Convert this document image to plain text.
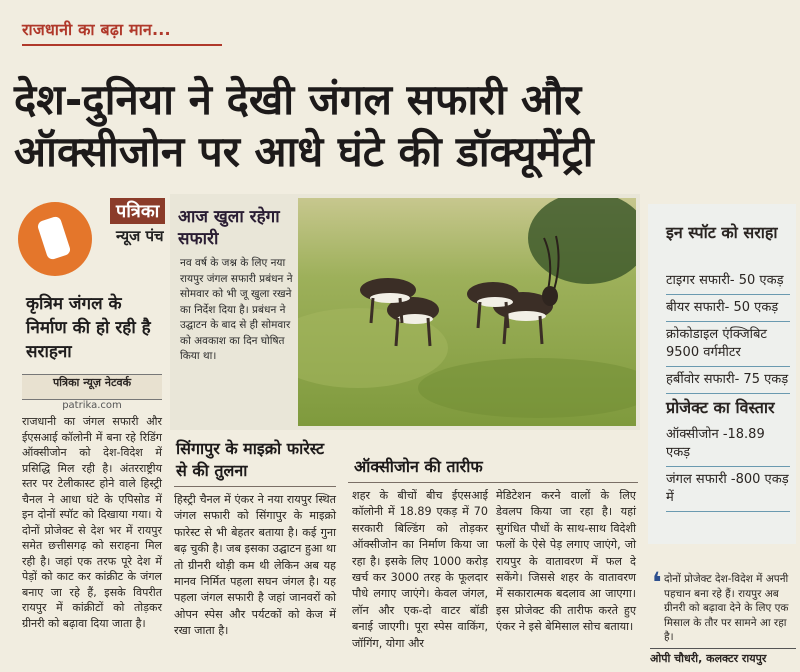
राजधानी का बढ़ा मान...
देश-दुनिया ने देखी जंगल सफारी और
ऑक्सीजोन पर आधे घंटे की डॉक्यूमेंट्री
पत्रिका
न्यूज पंच
कृत्रिम जंगल के निर्माण की हो रही है सराहना
पत्रिका न्यूज़ नेटवर्क
patrika.com
राजधानी का जंगल सफारी और ईएसआई कॉलोनी में बना रहे रिडिंग ऑक्सीजोन को देश-विदेश में प्रसिद्धि मिल रही है। अंतरराष्ट्रीय स्तर पर टेलीकास्ट होने वाले हिस्ट्री चैनल ने आधा घंटे के एपिसोड में इन दोनों स्पॉट को दिखाया गया। ये दोनों प्रोजेक्ट से देश भर में रायपुर समेत छत्तीसगढ़ को सराहना मिल रही है। जहां एक तरफ पूरे देश में पेड़ों को काट कर कांक्रीट के जंगल बनाए जा रहे हैं, इसके विपरीत रायपुर में कांक्रीटों को तोड़कर ग्रीनरी को बढ़ावा दिया जाता है।
आज खुला रहेगा सफारी
नव वर्ष के जश्न के लिए नया रायपुर जंगल सफारी प्रबंधन ने सोमवार को भी जू खुला रखने का निर्देश दिया है। प्रबंधन ने उद्घाटन के बाद से ही सोमवार को अवकाश का दिन घोषित किया था।
इन स्पॉट को सराहा
टाइगर सफारी- 50 एकड़
बीयर सफारी- 50 एकड़
क्रोकोडाइल एंक्जिबिट 9500 वर्गमीटर
हर्बीवोर सफारी- 75 एकड़
प्रोजेक्ट का विस्तार
ऑक्सीजोन -18.89 एकड़
जंगल सफारी -800 एकड़ में
सिंगापुर के माइक्रो फारेस्ट से की तुलना
हिस्ट्री चैनल में एंकर ने नया रायपुर स्थित जंगल सफारी को सिंगापुर के माइक्रो फारेस्ट से भी बेहतर बताया है। कई गुना बढ़ चुकी है। जब इसका उद्घाटन हुआ था तो ग्रीनरी थोड़ी कम थी लेकिन अब यह मानव निर्मित पहला सघन जंगल है। यह पहला जंगल सफारी है जहां जानवरों को ओपन स्पेस और पर्यटकों को केज में रखा जाता है।
ऑक्सीजोन की तारीफ
शहर के बीचों बीच ईएसआई कॉलोनी में 18.89 एकड़ में 70 सरकारी बिल्डिंग को तोड़कर ऑक्सीजोन का निर्माण किया जा रहा है। इसके लिए 1000 करोड़ खर्च कर 3000 तरह के फूलदार पौधे लगाए जाएंगे। केवल जंगल, लॉन और एक-दो वाटर बॉडी बनाई जाएगी। पूरा स्पेस वाकिंग, जॉगिंग, योगा और
मेडिटेशन करने वालों के लिए डेवलप किया जा रहा है। यहां सुगंधित पौधों के साथ-साथ विदेशी फलों के ऐसे पेड़ लगाए जाएंगे, जो रायपुर के वातावरण में फल दे सकेंगे। जिससे शहर के वातावरण में सकारात्मक बदलाव आ जाएगा। इस प्रोजेक्ट की तारीफ करते हुए एंकर ने इसे बेमिसाल सोच बताया।
❛ दोनों प्रोजेक्ट देश-विदेश में अपनी पहचान बना रहे हैं। रायपुर अब ग्रीनरी को बढ़ावा देने के लिए एक मिसाल के तौर पर सामने आ रहा है।
ओपी चौधरी, कलक्टर रायपुर
